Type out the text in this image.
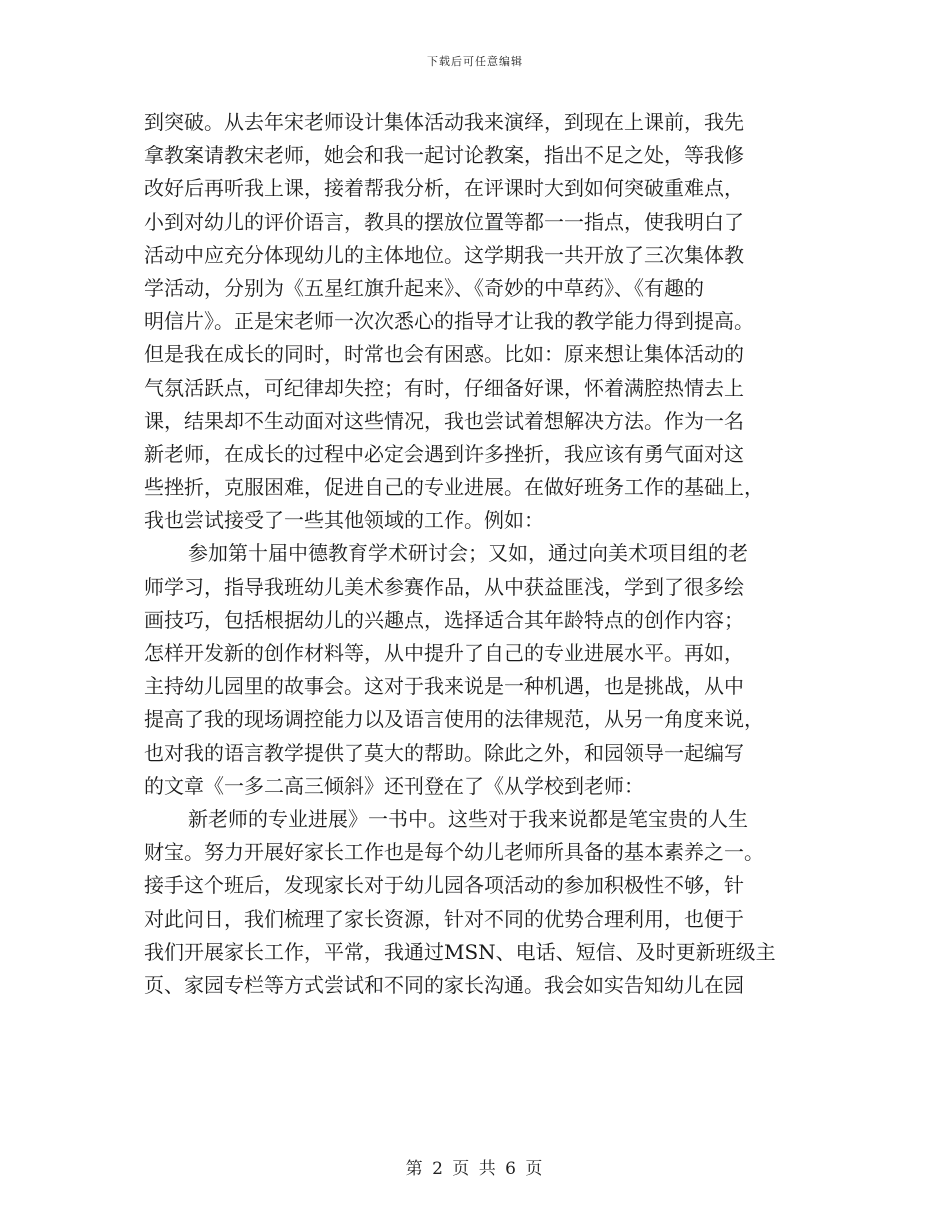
下载后可任意编辑
到突破。从去年宋老师设计集体活动我来演绎，到现在上课前，我先
拿教案请教宋老师，她会和我一起讨论教案，指出不足之处，等我修
改好后再听我上课，接着帮我分析，在评课时大到如何突破重难点，
小到对幼儿的评价语言，教具的摆放位置等都一一指点，使我明白了
活动中应充分体现幼儿的主体地位。这学期我一共开放了三次集体教
学活动，分别为《五星红旗升起来》、《奇妙的中草药》、《有趣的
明信片》。正是宋老师一次次悉心的指导才让我的教学能力得到提高。
但是我在成长的同时，时常也会有困惑。比如：原来想让集体活动的
气氛活跃点，可纪律却失控；有时，仔细备好课，怀着满腔热情去上
课，结果却不生动面对这些情况，我也尝试着想解决方法。作为一名
新老师，在成长的过程中必定会遇到许多挫折，我应该有勇气面对这
些挫折，克服困难，促进自己的专业进展。在做好班务工作的基础上，
我也尝试接受了一些其他领域的工作。例如：
参加第十届中德教育学术研讨会；又如，通过向美术项目组的老
师学习，指导我班幼儿美术参赛作品，从中获益匪浅，学到了很多绘
画技巧，包括根据幼儿的兴趣点，选择适合其年龄特点的创作内容；
怎样开发新的创作材料等，从中提升了自己的专业进展水平。再如，
主持幼儿园里的故事会。这对于我来说是一种机遇，也是挑战，从中
提高了我的现场调控能力以及语言使用的法律规范，从另一角度来说，
也对我的语言教学提供了莫大的帮助。除此之外，和园领导一起编写
的文章《一多二高三倾斜》还刊登在了《从学校到老师：
新老师的专业进展》一书中。这些对于我来说都是笔宝贵的人生
财宝。努力开展好家长工作也是每个幼儿老师所具备的基本素养之一。
接手这个班后，发现家长对于幼儿园各项活动的参加积极性不够，针
对此问日，我们梳理了家长资源，针对不同的优势合理利用，也便于
我们开展家长工作，平常，我通过MSN、电话、短信、及时更新班级主
页、家园专栏等方式尝试和不同的家长沟通。我会如实告知幼儿在园
第 2 页 共 6 页
